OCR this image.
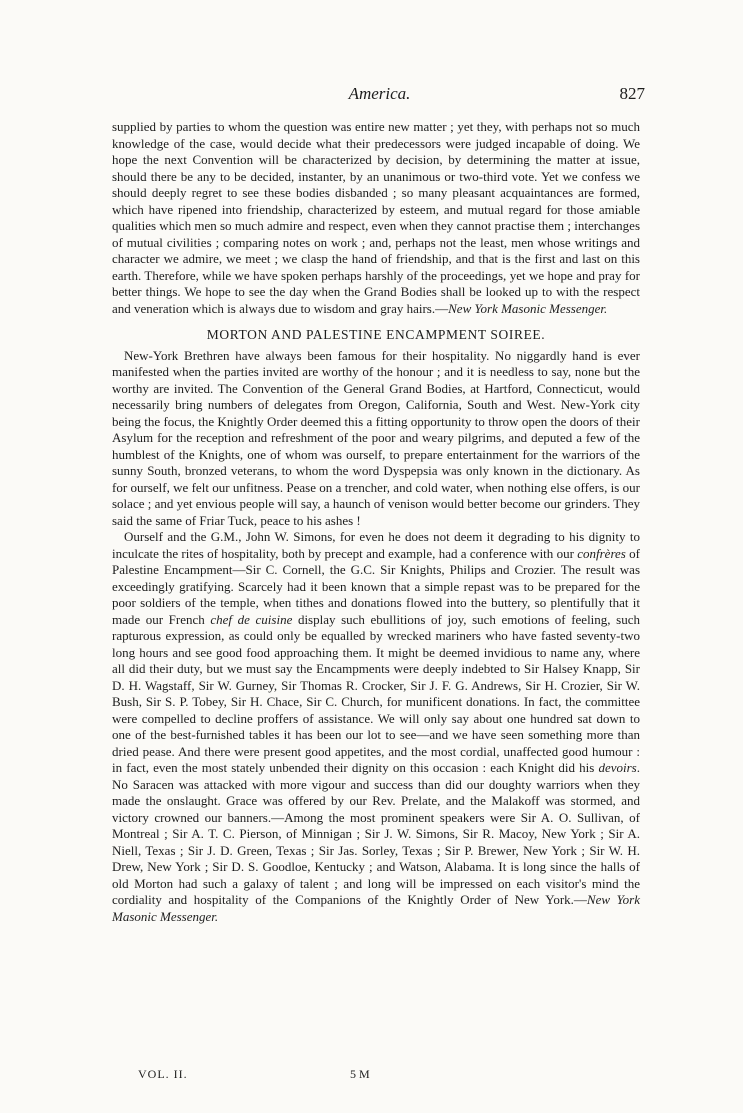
America.	827

supplied by parties to whom the question was entire new matter ; yet they, with perhaps not so much knowledge of the case, would decide what their predecessors were judged incapable of doing. We hope the next Convention will be characterized by decision, by determining the matter at issue, should there be any to be decided, instanter, by an unanimous or two-third vote. Yet we confess we should deeply regret to see these bodies disbanded ; so many pleasant acquaintances are formed, which have ripened into friendship, characterized by esteem, and mutual regard for those amiable qualities which men so much admire and respect, even when they cannot practise them ; interchanges of mutual civilities ; comparing notes on work ; and, perhaps not the least, men whose writings and character we admire, we meet ; we clasp the hand of friendship, and that is the first and last on this earth. Therefore, while we have spoken perhaps harshly of the proceedings, yet we hope and pray for better things. We hope to see the day when the Grand Bodies shall be looked up to with the respect and veneration which is always due to wisdom and gray hairs.—New York Masonic Messenger.

MORTON AND PALESTINE ENCAMPMENT SOIREE.

New-York Brethren have always been famous for their hospitality. No niggardly hand is ever manifested when the parties invited are worthy of the honour ; and it is needless to say, none but the worthy are invited. The Convention of the General Grand Bodies, at Hartford, Connecticut, would necessarily bring numbers of delegates from Oregon, California, South and West. New-York city being the focus, the Knightly Order deemed this a fitting opportunity to throw open the doors of their Asylum for the reception and refreshment of the poor and weary pilgrims, and deputed a few of the humblest of the Knights, one of whom was ourself, to prepare entertainment for the warriors of the sunny South, bronzed veterans, to whom the word Dyspepsia was only known in the dictionary. As for ourself, we felt our unfitness. Pease on a trencher, and cold water, when nothing else offers, is our solace ; and yet envious people will say, a haunch of venison would better become our grinders. They said the same of Friar Tuck, peace to his ashes !

Ourself and the G.M., John W. Simons, for even he does not deem it degrading to his dignity to inculcate the rites of hospitality, both by precept and example, had a conference with our confrères of Palestine Encampment—Sir C. Cornell, the G.C. Sir Knights, Philips and Crozier. The result was exceedingly gratifying. Scarcely had it been known that a simple repast was to be prepared for the poor soldiers of the temple, when tithes and donations flowed into the buttery, so plentifully that it made our French chef de cuisine display such ebullitions of joy, such emotions of feeling, such rapturous expression, as could only be equalled by wrecked mariners who have fasted seventy-two long hours and see good food approaching them. It might be deemed invidious to name any, where all did their duty, but we must say the Encampments were deeply indebted to Sir Halsey Knapp, Sir D. H. Wagstaff, Sir W. Gurney, Sir Thomas R. Crocker, Sir J. F. G. Andrews, Sir H. Crozier, Sir W. Bush, Sir S. P. Tobey, Sir H. Chace, Sir C. Church, for munificent donations. In fact, the committee were compelled to decline proffers of assistance. We will only say about one hundred sat down to one of the best-furnished tables it has been our lot to see—and we have seen something more than dried pease. And there were present good appetites, and the most cordial, unaffected good humour : in fact, even the most stately unbended their dignity on this occasion : each Knight did his devoirs. No Saracen was attacked with more vigour and success than did our doughty warriors when they made the onslaught. Grace was offered by our Rev. Prelate, and the Malakoff was stormed, and victory crowned our banners.—Among the most prominent speakers were Sir A. O. Sullivan, of Montreal ; Sir A. T. C. Pierson, of Minnigan ; Sir J. W. Simons, Sir R. Macoy, New York ; Sir A. Niell, Texas ; Sir J. D. Green, Texas ; Sir Jas. Sorley, Texas ; Sir P. Brewer, New York ; Sir W. H. Drew, New York ; Sir D. S. Goodloe, Kentucky ; and Watson, Alabama. It is long since the halls of old Morton had such a galaxy of talent ; and long will be impressed on each visitor's mind the cordiality and hospitality of the Companions of the Knightly Order of New York.—New York Masonic Messenger.

VOL. II.	5 M
